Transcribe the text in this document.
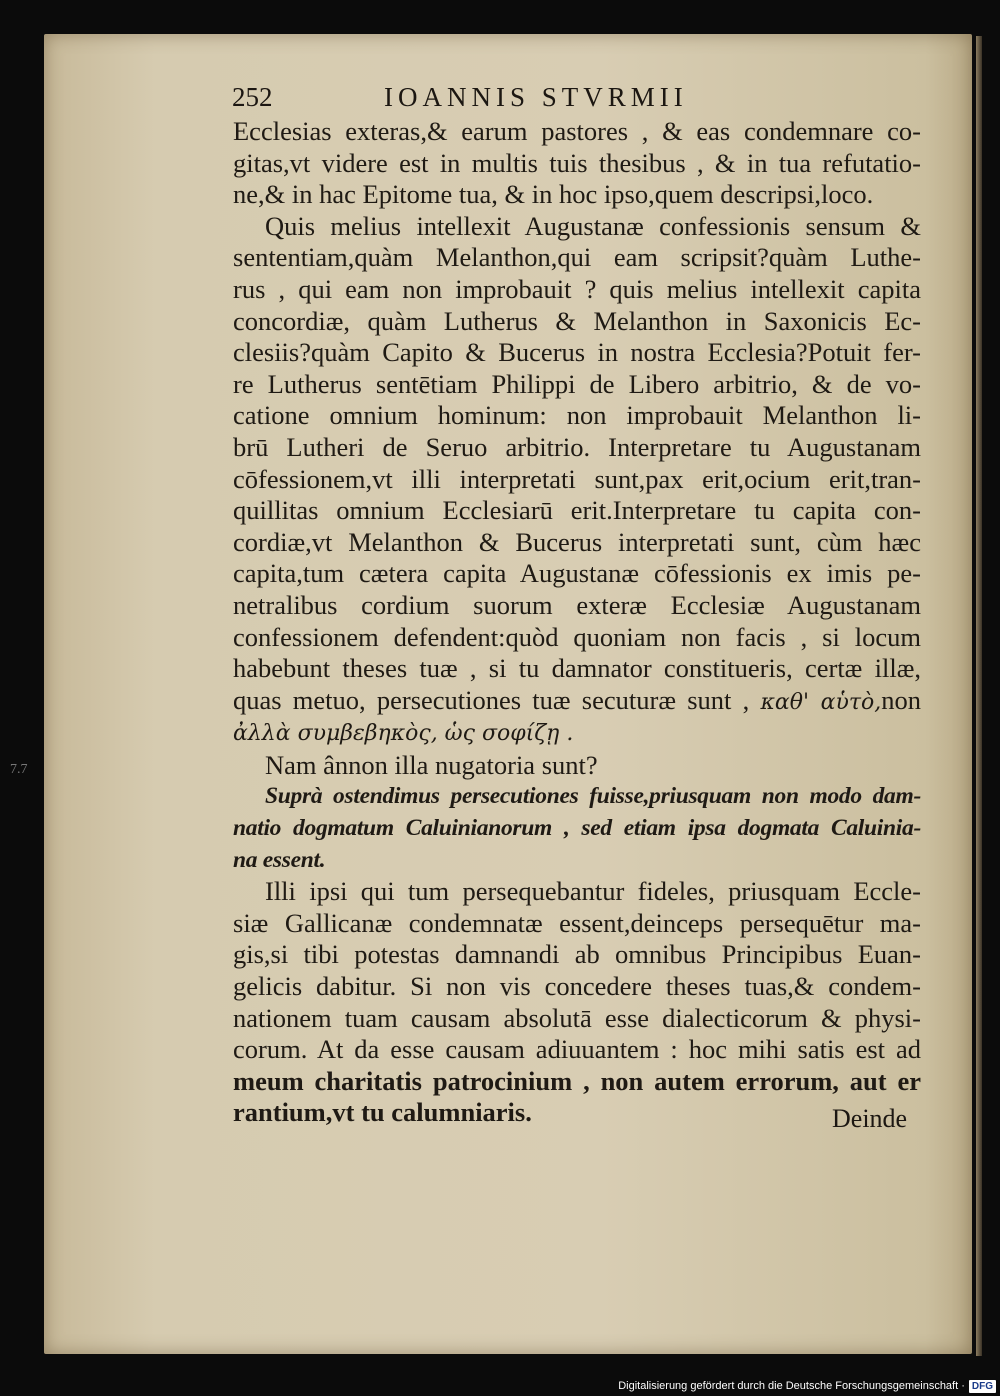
7.7
252	IOANNIS STVRMII
Ecclesias exteras,& earum pastores , & eas condemnare co-
gitas,vt videre est in multis tuis thesibus , & in tua refutatio-
ne,& in hac Epitome tua, & in hoc ipso,quem descripsi,loco.
Quis melius intellexit Augustanæ confessionis sensum &
sententiam,quàm Melanthon,qui eam scripsit?quàm Luthe-
rus , qui eam non improbauit ? quis melius intellexit capita
concordiæ, quàm Lutherus & Melanthon in Saxonicis Ec-
clesiis?quàm Capito & Bucerus in nostra Ecclesia?Potuit fer-
re Lutherus sentētiam Philippi de Libero arbitrio, & de vo-
catione omnium hominum: non improbauit Melanthon li-
brū Lutheri de Seruo arbitrio. Interpretare tu Augustanam
cōfessionem,vt illi interpretati sunt,pax erit,ocium erit,tran-
quillitas omnium Ecclesiarū erit.Interpretare tu capita con-
cordiæ,vt Melanthon & Bucerus interpretati sunt, cùm hæc
capita,tum cætera capita Augustanæ cōfessionis ex imis pe-
netralibus cordium suorum exteræ Ecclesiæ Augustanam
confessionem defendent:quòd quoniam non facis , si locum
habebunt theses tuæ , si tu damnator constitueris, certæ illæ,
quas metuo, persecutiones tuæ secuturæ sunt , καθ' αὑτὸ,non
ἀλλὰ συμβεβηκὸς, ὡς σοφίζῃ .
Nam ânnon illa nugatoria sunt?
Suprà ostendimus persecutiones fuisse,priusquam non modo dam-
natio dogmatum Caluinianorum , sed etiam ipsa dogmata Caluinia-
na essent.
Illi ipsi qui tum persequebantur fideles, priusquam Eccle-
siæ Gallicanæ condemnatæ essent,deinceps persequētur ma-
gis,si tibi potestas damnandi ab omnibus Principibus Euan-
gelicis dabitur. Si non vis concedere theses tuas,& condem-
nationem tuam causam absolutā esse dialecticorum & physi-
corum. At da esse causam adiuuantem : hoc mihi satis est ad
meum charitatis patrocinium , non autem errorum, aut er
rantium,vt tu calumniaris.	Deinde
Digitalisierung gefördert durch die Deutsche Forschungsgemeinschaft · DFG
